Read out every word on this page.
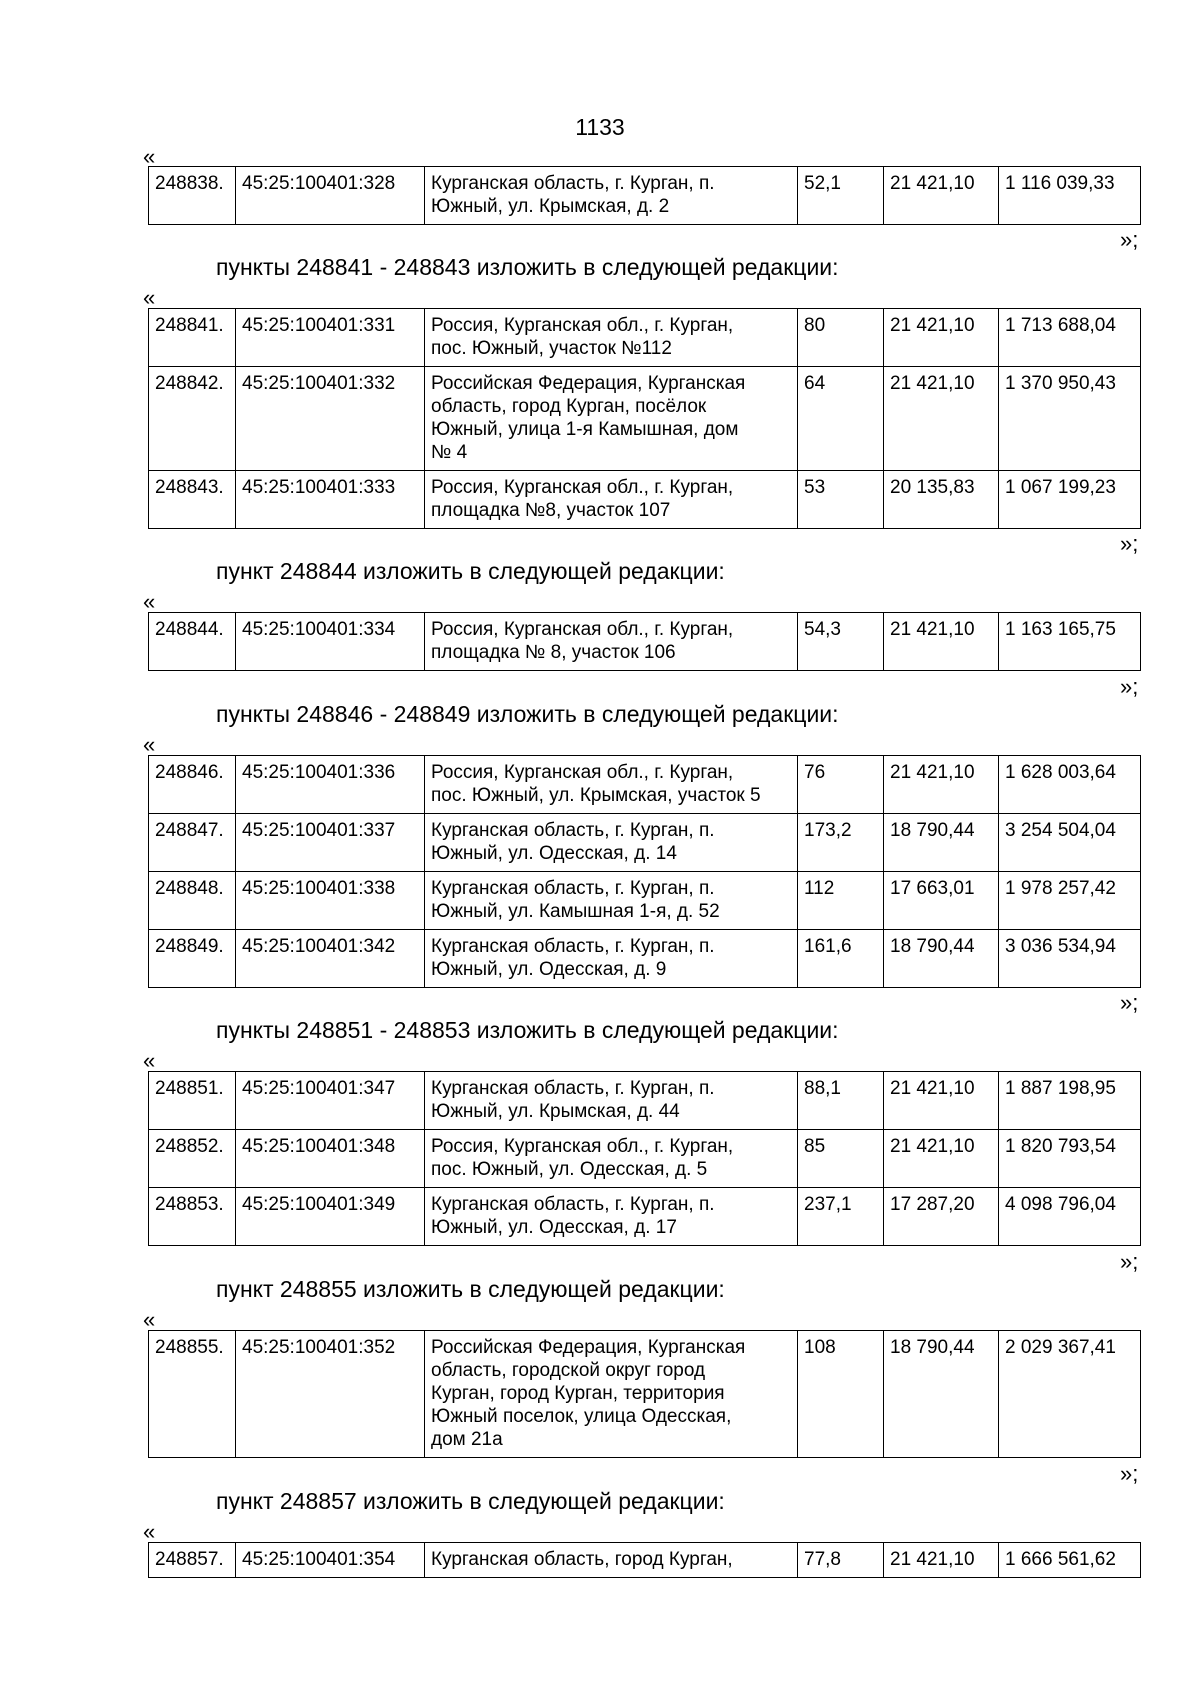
1133
«
248838.	45:25:100401:328	Курганская область, г. Курган, п.
Южный, ул. Крымская, д. 2	52,1	21 421,10	1 116 039,33
»;
пункты 248841 - 248843 изложить в следующей редакции:
«
248841.	45:25:100401:331	Россия, Курганская обл., г. Курган,
пос. Южный, участок №112	80	21 421,10	1 713 688,04
248842.	45:25:100401:332	Российская Федерация, Курганская
область, город Курган, посёлок
Южный, улица 1-я Камышная, дом
№ 4	64	21 421,10	1 370 950,43
248843.	45:25:100401:333	Россия, Курганская обл., г. Курган,
площадка №8, участок 107	53	20 135,83	1 067 199,23
»;
пункт 248844 изложить в следующей редакции:
«
248844.	45:25:100401:334	Россия, Курганская обл., г. Курган,
площадка № 8, участок 106	54,3	21 421,10	1 163 165,75
»;
пункты 248846 - 248849 изложить в следующей редакции:
«
248846.	45:25:100401:336	Россия, Курганская обл., г. Курган,
пос. Южный, ул. Крымская, участок 5	76	21 421,10	1 628 003,64
248847.	45:25:100401:337	Курганская область, г. Курган, п.
Южный, ул. Одесская, д. 14	173,2	18 790,44	3 254 504,04
248848.	45:25:100401:338	Курганская область, г. Курган, п.
Южный, ул. Камышная 1-я, д. 52	112	17 663,01	1 978 257,42
248849.	45:25:100401:342	Курганская область, г. Курган, п.
Южный, ул. Одесская, д. 9	161,6	18 790,44	3 036 534,94
»;
пункты 248851 - 248853 изложить в следующей редакции:
«
248851.	45:25:100401:347	Курганская область, г. Курган, п.
Южный, ул. Крымская, д. 44	88,1	21 421,10	1 887 198,95
248852.	45:25:100401:348	Россия, Курганская обл., г. Курган,
пос. Южный, ул. Одесская, д. 5	85	21 421,10	1 820 793,54
248853.	45:25:100401:349	Курганская область, г. Курган, п.
Южный, ул. Одесская, д. 17	237,1	17 287,20	4 098 796,04
»;
пункт 248855 изложить в следующей редакции:
«
248855.	45:25:100401:352	Российская Федерация, Курганская
область, городской округ город
Курган, город Курган, территория
Южный поселок, улица Одесская,
дом 21а	108	18 790,44	2 029 367,41
»;
пункт 248857 изложить в следующей редакции:
«
248857.	45:25:100401:354	Курганская область, город Курган,	77,8	21 421,10	1 666 561,62
